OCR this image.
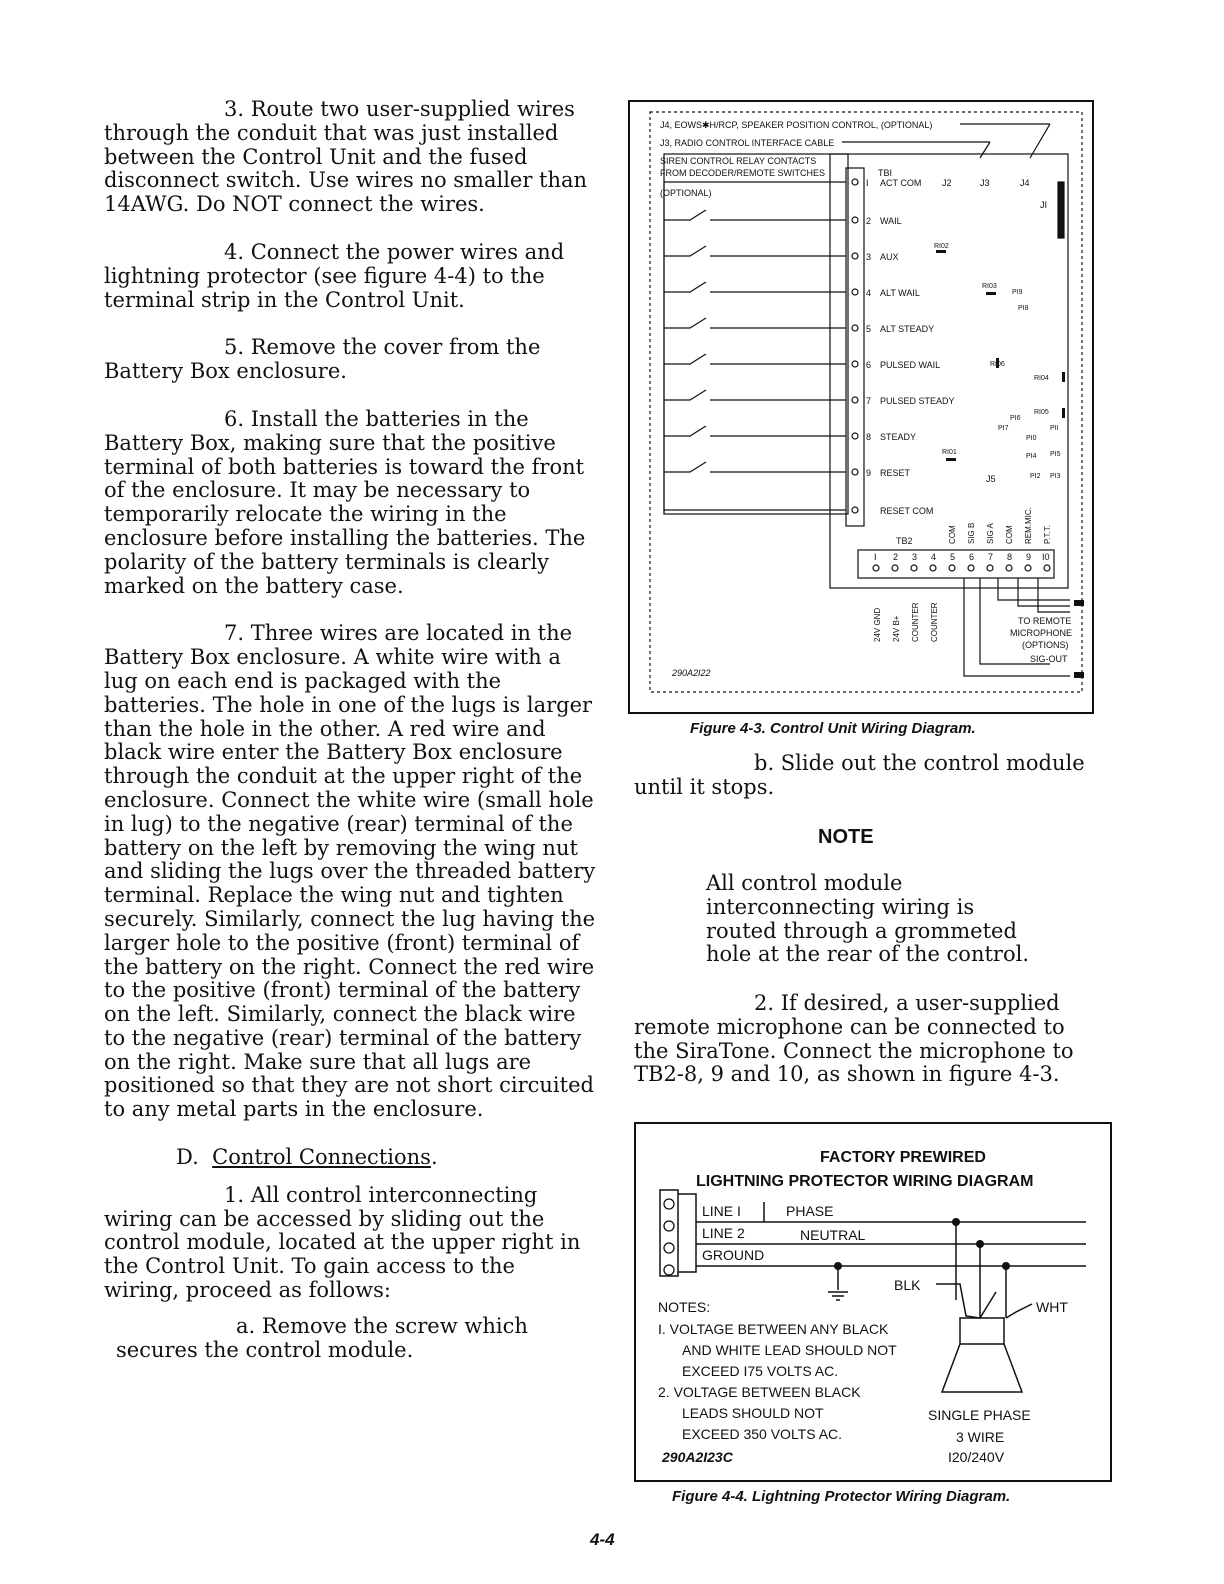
3. Route two user-supplied wires through the conduit that was just installed between the Control Unit and the fused disconnect switch. Use wires no smaller than 14AWG. Do NOT connect the wires.

4. Connect the power wires and lightning protector (see figure 4-4) to the terminal strip in the Control Unit.

5. Remove the cover from the Battery Box enclosure.

6. Install the batteries in the Battery Box, making sure that the positive terminal of both batteries is toward the front of the enclosure. It may be necessary to temporarily relocate the wiring in the enclosure before installing the batteries. The polarity of the battery terminals is clearly marked on the battery case.

7. Three wires are located in the Battery Box enclosure. A white wire with a lug on each end is packaged with the batteries. The hole in one of the lugs is larger than the hole in the other. A red wire and black wire enter the Battery Box enclosure through the conduit at the upper right of the enclosure. Connect the white wire (small hole in lug) to the negative (rear) terminal of the battery on the left by removing the wing nut and sliding the lugs over the threaded battery terminal. Replace the wing nut and tighten securely. Similarly, connect the lug having the larger hole to the positive (front) terminal of the battery on the right. Connect the red wire to the positive (front) terminal of the battery on the left. Similarly, connect the black wire to the negative (rear) terminal of the battery on the right. Make sure that all lugs are positioned so that they are not short circuited to any metal parts in the enclosure.

D. Control Connections.

1. All control interconnecting wiring can be accessed by sliding out the control module, located at the upper right in the Control Unit. To gain access to the wiring, proceed as follows:

a. Remove the screw which secures the control module.

J4, EOWS✱H/RCP, SPEAKER POSITION CONTROL, (OPTIONAL)
J3, RADIO CONTROL INTERFACE CABLE
SIREN CONTROL RELAY CONTACTS
FROM DECODER/REMOTE SWITCHES
(OPTIONAL)
TBI
I ACT COM
2 WAIL
3 AUX
4 ALT WAIL
5 ALT STEADY
6 PULSED WAIL
7 PULSED STEADY
8 STEADY
9 RESET
RESET COM
J2	J3	J4
JI
J5
RI02
RI03
PI9
PI8
RI06
RI04
RI05
PI6
PI7	PII
PI0
RI01	PI5
PI4
PI2 PI3
TB2
I 2 3 4 5 6 7 8 9 I0
COM SIG B SIG A COM REM.MIC. P.T.T.
24V GND 24V B+ COUNTER COUNTER	TO REMOTE
MICROPHONE
(OPTIONS)
SIG-OUT
290A2I22
Figure 4-3. Control Unit Wiring Diagram.
b. Slide out the control module until it stops.
NOTE
All control module interconnecting wiring is routed through a grommeted hole at the rear of the control.
2. If desired, a user-supplied remote microphone can be connected to the SiraTone. Connect the microphone to TB2-8, 9 and 10, as shown in figure 4-3.
FACTORY PREWIRED
LIGHTNING PROTECTOR WIRING DIAGRAM
LINE I	PHASE
LINE 2	NEUTRAL
GROUND
BLK
WHT
NOTES:
I. VOLTAGE BETWEEN ANY BLACK
AND WHITE LEAD SHOULD NOT
EXCEED I75 VOLTS AC.
2. VOLTAGE BETWEEN BLACK
LEADS SHOULD NOT
EXCEED 350 VOLTS AC.
290A2I23C
SINGLE PHASE
3 WIRE
I20/240V
Figure 4-4. Lightning Protector Wiring Diagram.
4-4
